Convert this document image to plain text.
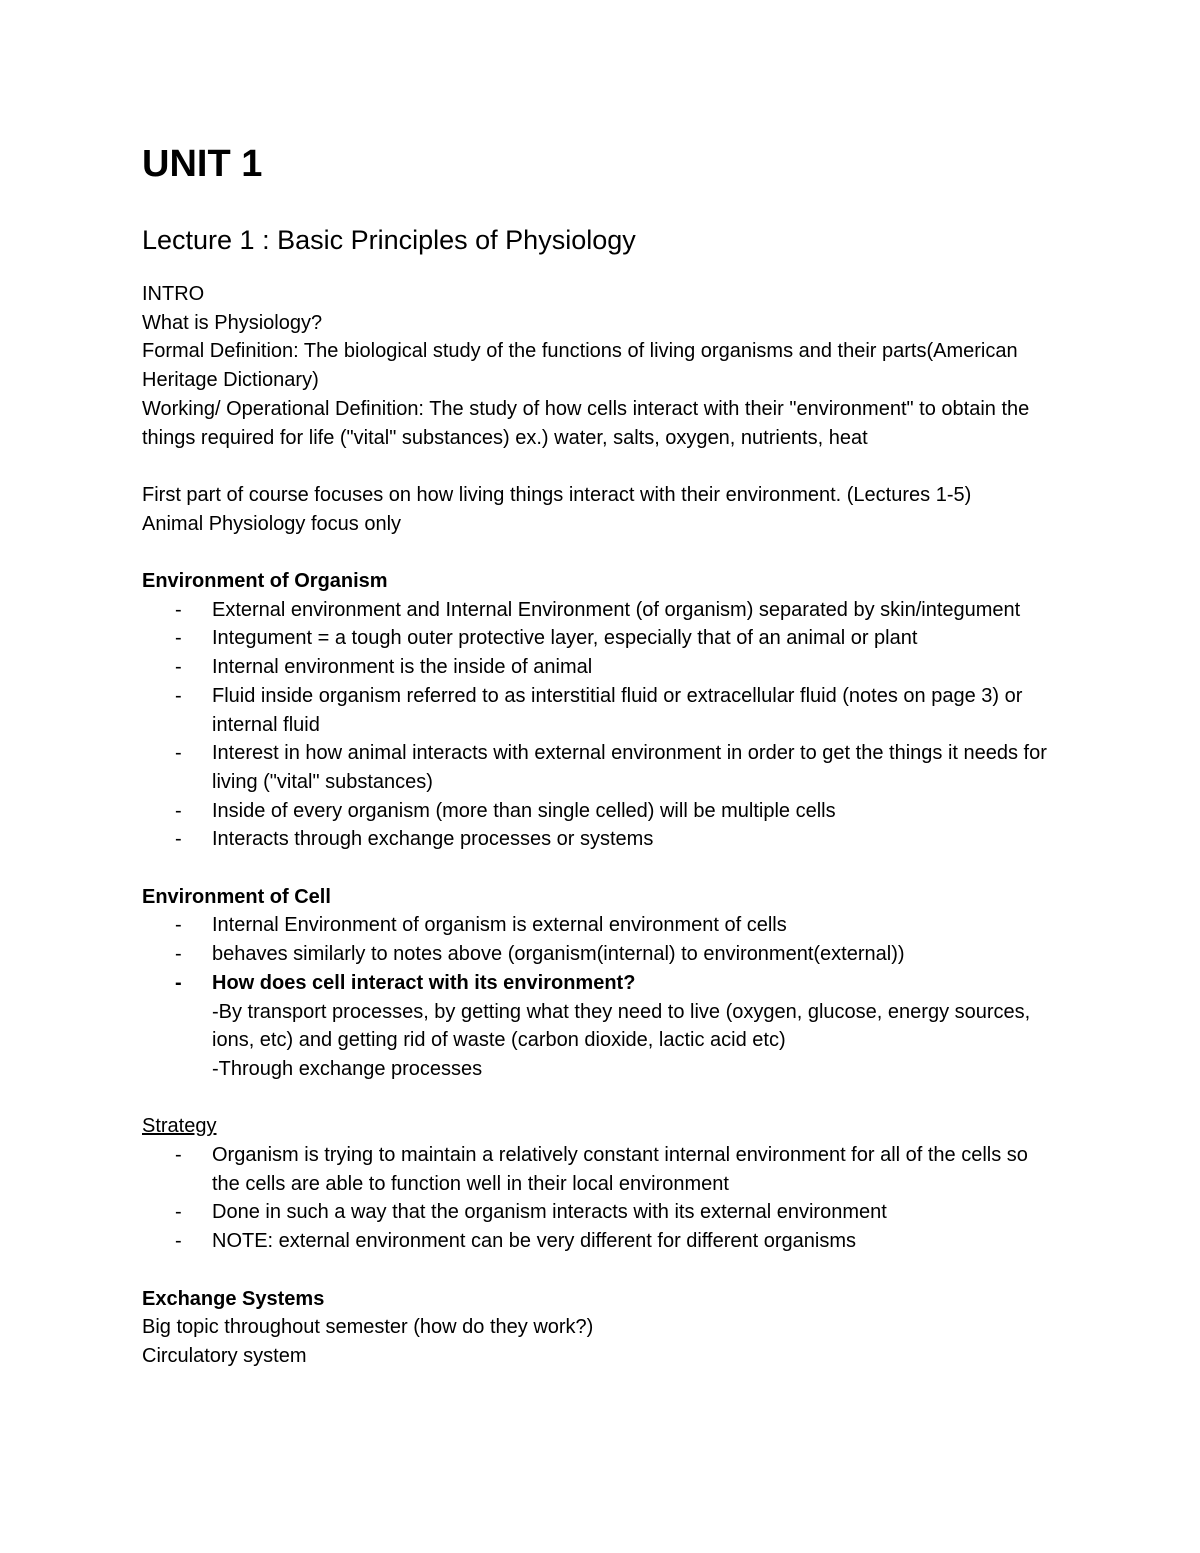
UNIT 1
Lecture 1 : Basic Principles of Physiology

INTRO

What is Physiology?

Formal Definition: The biological study of the functions of living organisms and their parts(American Heritage Dictionary)

Working/ Operational Definition: The study of how cells interact with their "environment" to obtain the things required for life ("vital" substances) ex.) water, salts, oxygen, nutrients, heat

First part of course focuses on how living things interact with their environment. (Lectures 1-5)

Animal Physiology focus only

Environment of Organism

- External environment and Internal Environment (of organism) separated by skin/integument
- Integument = a tough outer protective layer, especially that of an animal or plant
- Internal environment is the inside of animal
- Fluid inside organism referred to as interstitial fluid or extracellular fluid (notes on page 3) or internal fluid
- Interest in how animal interacts with external environment in order to get the things it needs for living ("vital" substances)
- Inside of every organism (more than single celled) will be multiple cells
- Interacts through exchange processes or systems

Environment of Cell

- Internal Environment of organism is external environment of cells
- behaves similarly to notes above (organism(internal) to environment(external))
- How does cell interact with its environment?
-By transport processes, by getting what they need to live (oxygen, glucose, energy sources, ions, etc) and getting rid of waste (carbon dioxide, lactic acid etc)
-Through exchange processes

Strategy

- Organism is trying to maintain a relatively constant internal environment for all of the cells so the cells are able to function well in their local environment
- Done in such a way that the organism interacts with its external environment
- NOTE: external environment can be very different for different organisms

Exchange Systems

Big topic throughout semester (how do they work?)

Circulatory system
